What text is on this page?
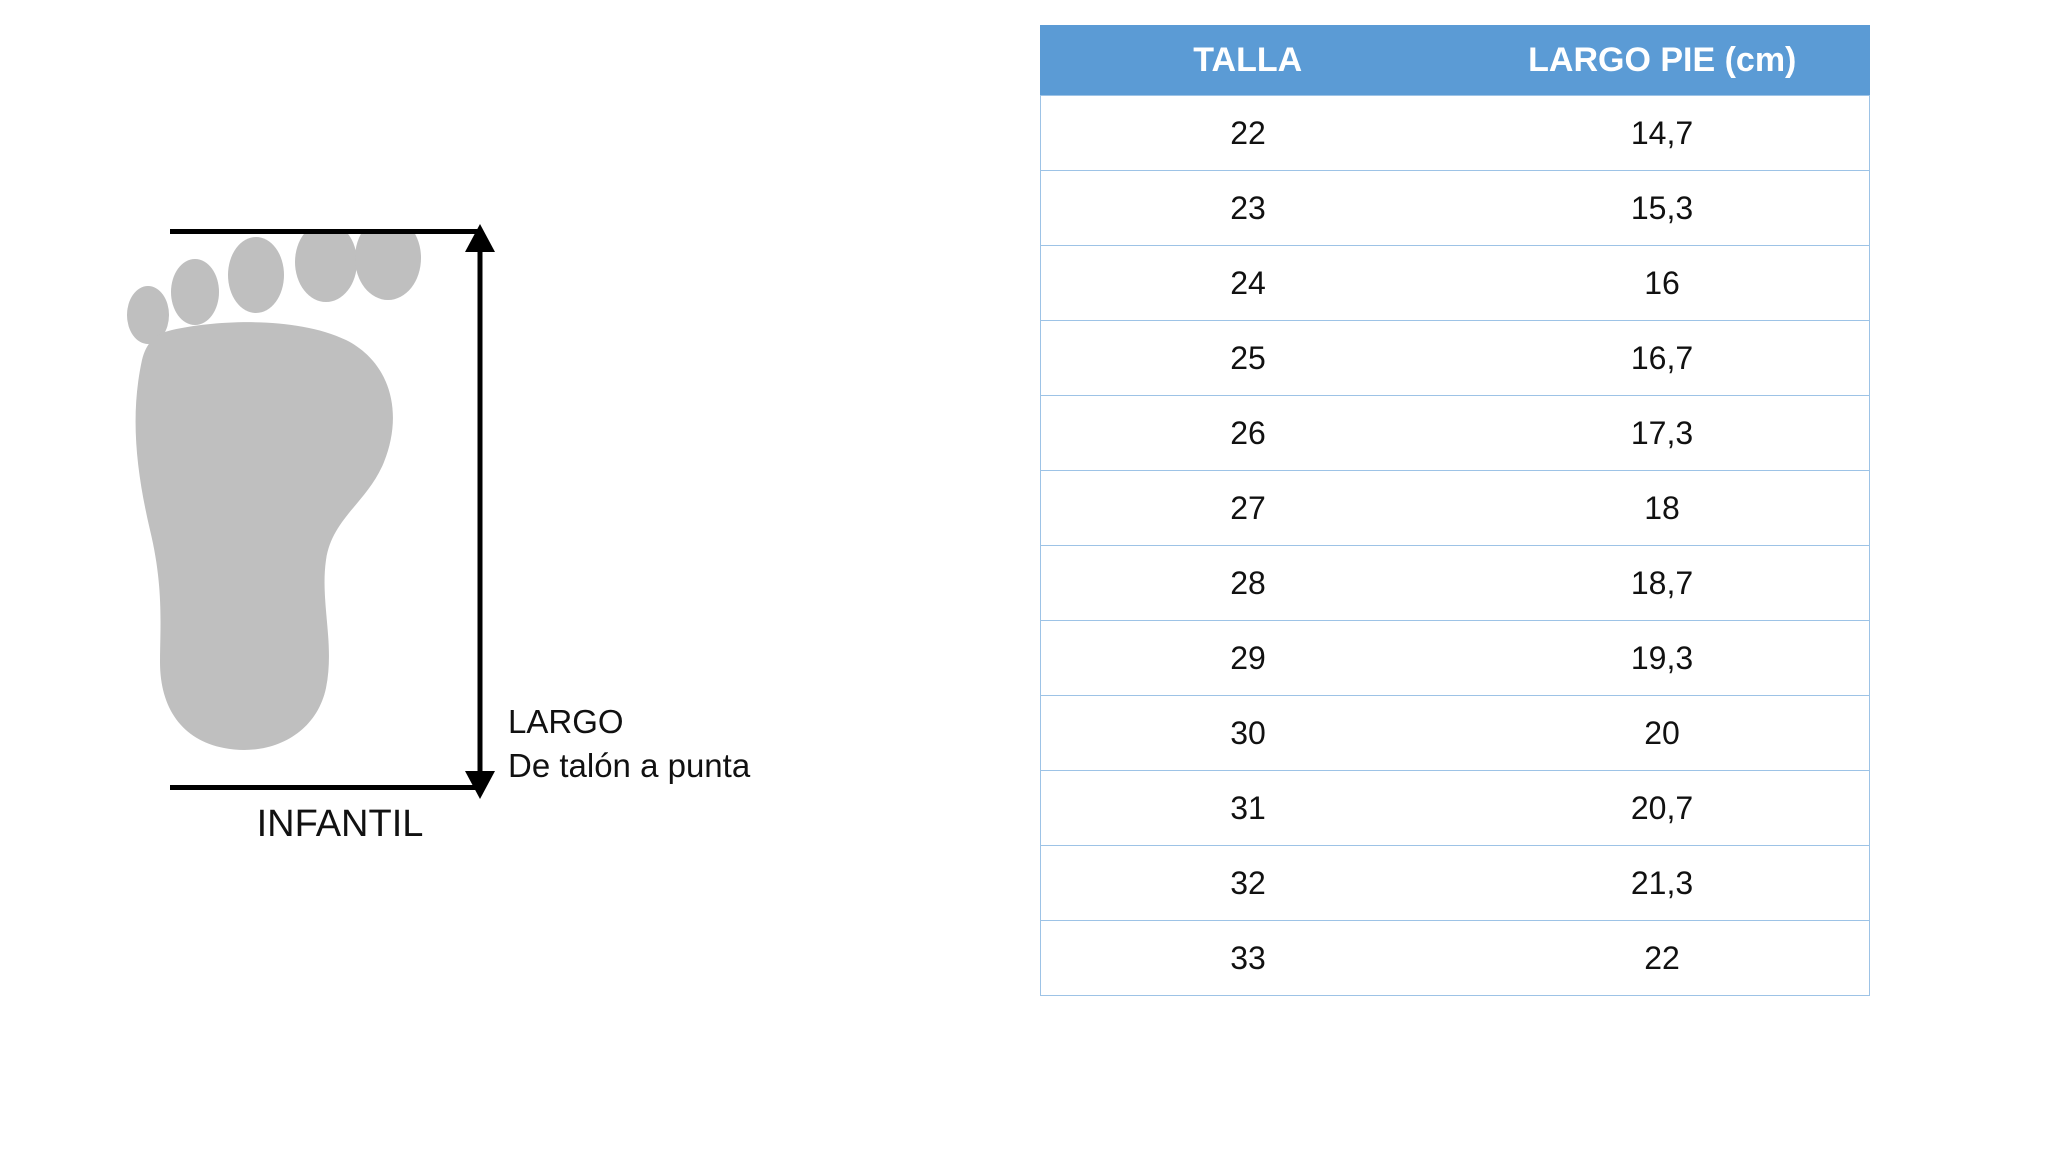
LARGO
De talón a punta
INFANTIL
TALLA	LARGO PIE (cm)
22	14,7
23	15,3
24	16
25	16,7
26	17,3
27	18
28	18,7
29	19,3
30	20
31	20,7
32	21,3
33	22
